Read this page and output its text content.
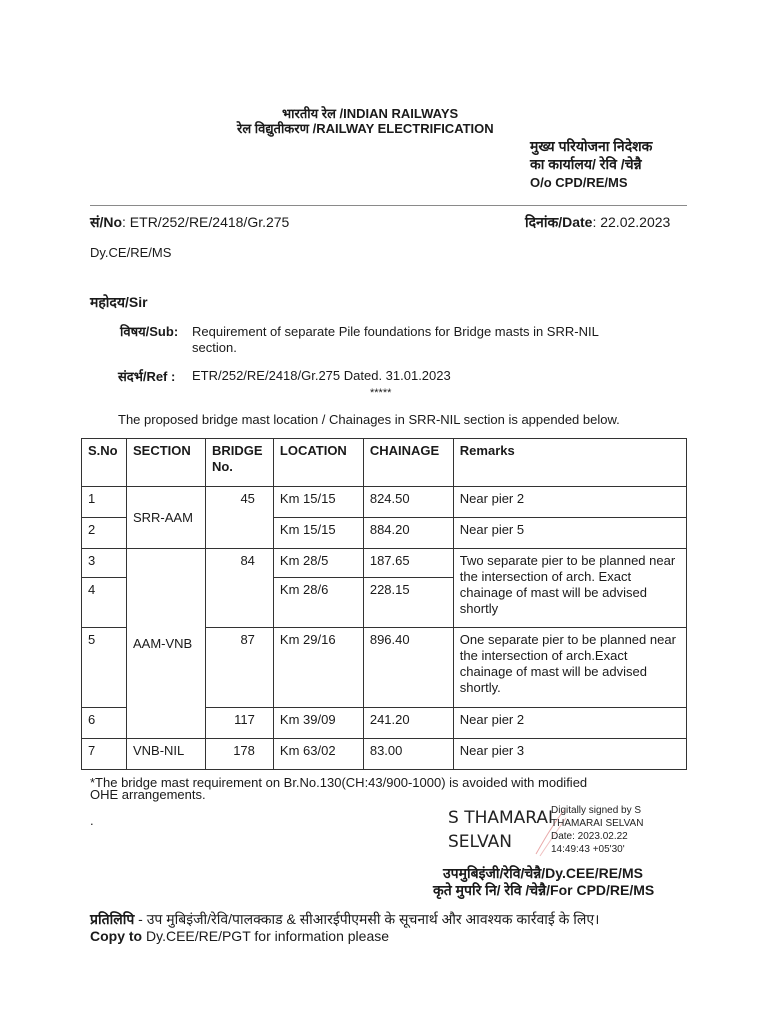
भारतीय रेल /INDIAN RAILWAYS
रेल विद्युतीकरण /RAILWAY ELECTRIFICATION
मुख्य परियोजना निदेशक
का कार्यालय/ रेवि /चेन्नै
O/o CPD/RE/MS
सं/No: ETR/252/RE/2418/Gr.275	दिनांक/Date: 22.02.2023
Dy.CE/RE/MS
महोदय/Sir
विषय/Sub: Requirement of separate Pile foundations for Bridge masts in SRR-NIL
section.
संदर्भ/Ref : ETR/252/RE/2418/Gr.275 Dated. 31.01.2023
*****
The proposed bridge mast location / Chainages in SRR-NIL section is appended below.
S.No	SECTION	BRIDGE No.	LOCATION	CHAINAGE	Remarks
1	SRR-AAM	45	Km 15/15	824.50	Near pier 2
2			Km 15/15	884.20	Near pier 5
3	AAM-VNB	84	Km 28/5	187.65	Two separate pier to be planned near the intersection of arch. Exact chainage of mast will be advised shortly
4			Km 28/6	228.15	
5		87	Km 29/16	896.40	One separate pier to be planned near the intersection of arch.Exact chainage of mast will be advised shortly.
6		117	Km 39/09	241.20	Near pier 2
7	VNB-NIL	178	Km 63/02	83.00	Near pier 3
*The bridge mast requirement on Br.No.130(CH:43/900-1000) is avoided with modified OHE arrangements.
.	S THAMARAI
SELVAN
Digitally signed by S
THAMARAI SELVAN
Date: 2023.02.22
14:49:43 +05'30'
उपमुबिइंजी/रेवि/चेन्नै/Dy.CEE/RE/MS
कृते मुपरि नि/ रेवि /चेन्नै/For CPD/RE/MS
प्रतिलिपि - उप मुबिइंजी/रेवि/पालक्काड & सीआरईपीएमसी के सूचनार्थ और आवश्यक कार्रवाई के लिए।
Copy to Dy.CEE/RE/PGT for information please
